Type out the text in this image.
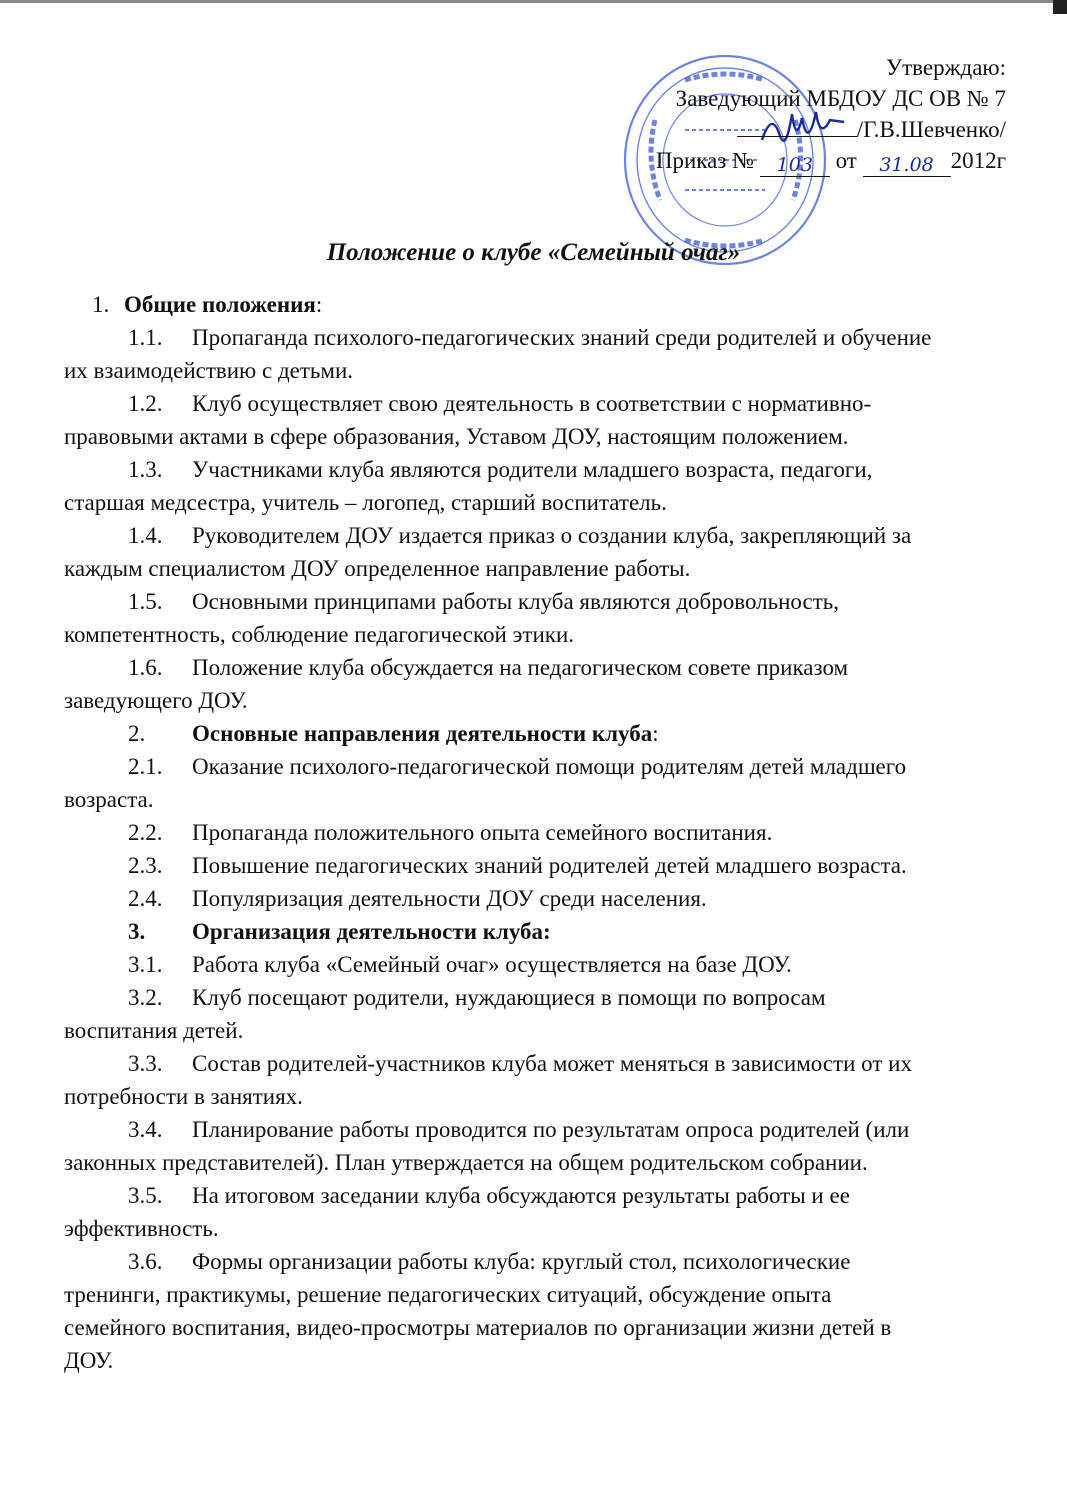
Утверждаю:
Заведующий МБДОУ ДС ОВ № 7
/Г.В.Шевченко/
Приказ №	103 от	31.08 2012г
Положение о клубе «Семейный очаг»

1. Общие положения:

1.1. Пропаганда психолого-педагогических знаний среди родителей и обучение

их взаимодействию с детьми.

1.2. Клуб осуществляет свою деятельность в соответствии с нормативно-

правовыми актами в сфере образования, Уставом ДОУ, настоящим положением.

1.3. Участниками клуба являются родители младшего возраста, педагоги,

старшая медсестра, учитель – логопед, старший воспитатель.

1.4. Руководителем ДОУ издается приказ о создании клуба, закрепляющий за

каждым специалистом ДОУ определенное направление работы.

1.5. Основными принципами работы клуба являются добровольность,

компетентность, соблюдение педагогической этики.

1.6. Положение клуба обсуждается на педагогическом совете приказом

заведующего ДОУ.

2. Основные направления деятельности клуба:

2.1. Оказание психолого-педагогической помощи родителям детей младшего

возраста.

2.2. Пропаганда положительного опыта семейного воспитания.

2.3. Повышение педагогических знаний родителей детей младшего возраста.

2.4. Популяризация деятельности ДОУ среди населения.

3. Организация деятельности клуба:

3.1. Работа клуба «Семейный очаг» осуществляется на базе ДОУ.

3.2. Клуб посещают родители, нуждающиеся в помощи по вопросам

воспитания детей.

3.3. Состав родителей-участников клуба может меняться в зависимости от их

потребности в занятиях.

3.4. Планирование работы проводится по результатам опроса родителей (или

законных представителей). План утверждается на общем родительском собрании.

3.5. На итоговом заседании клуба обсуждаются результаты работы и ее

эффективность.

3.6. Формы организации работы клуба: круглый стол, психологические

тренинги, практикумы, решение педагогических ситуаций, обсуждение опыта

семейного воспитания, видео-просмотры материалов по организации жизни детей в

ДОУ.
